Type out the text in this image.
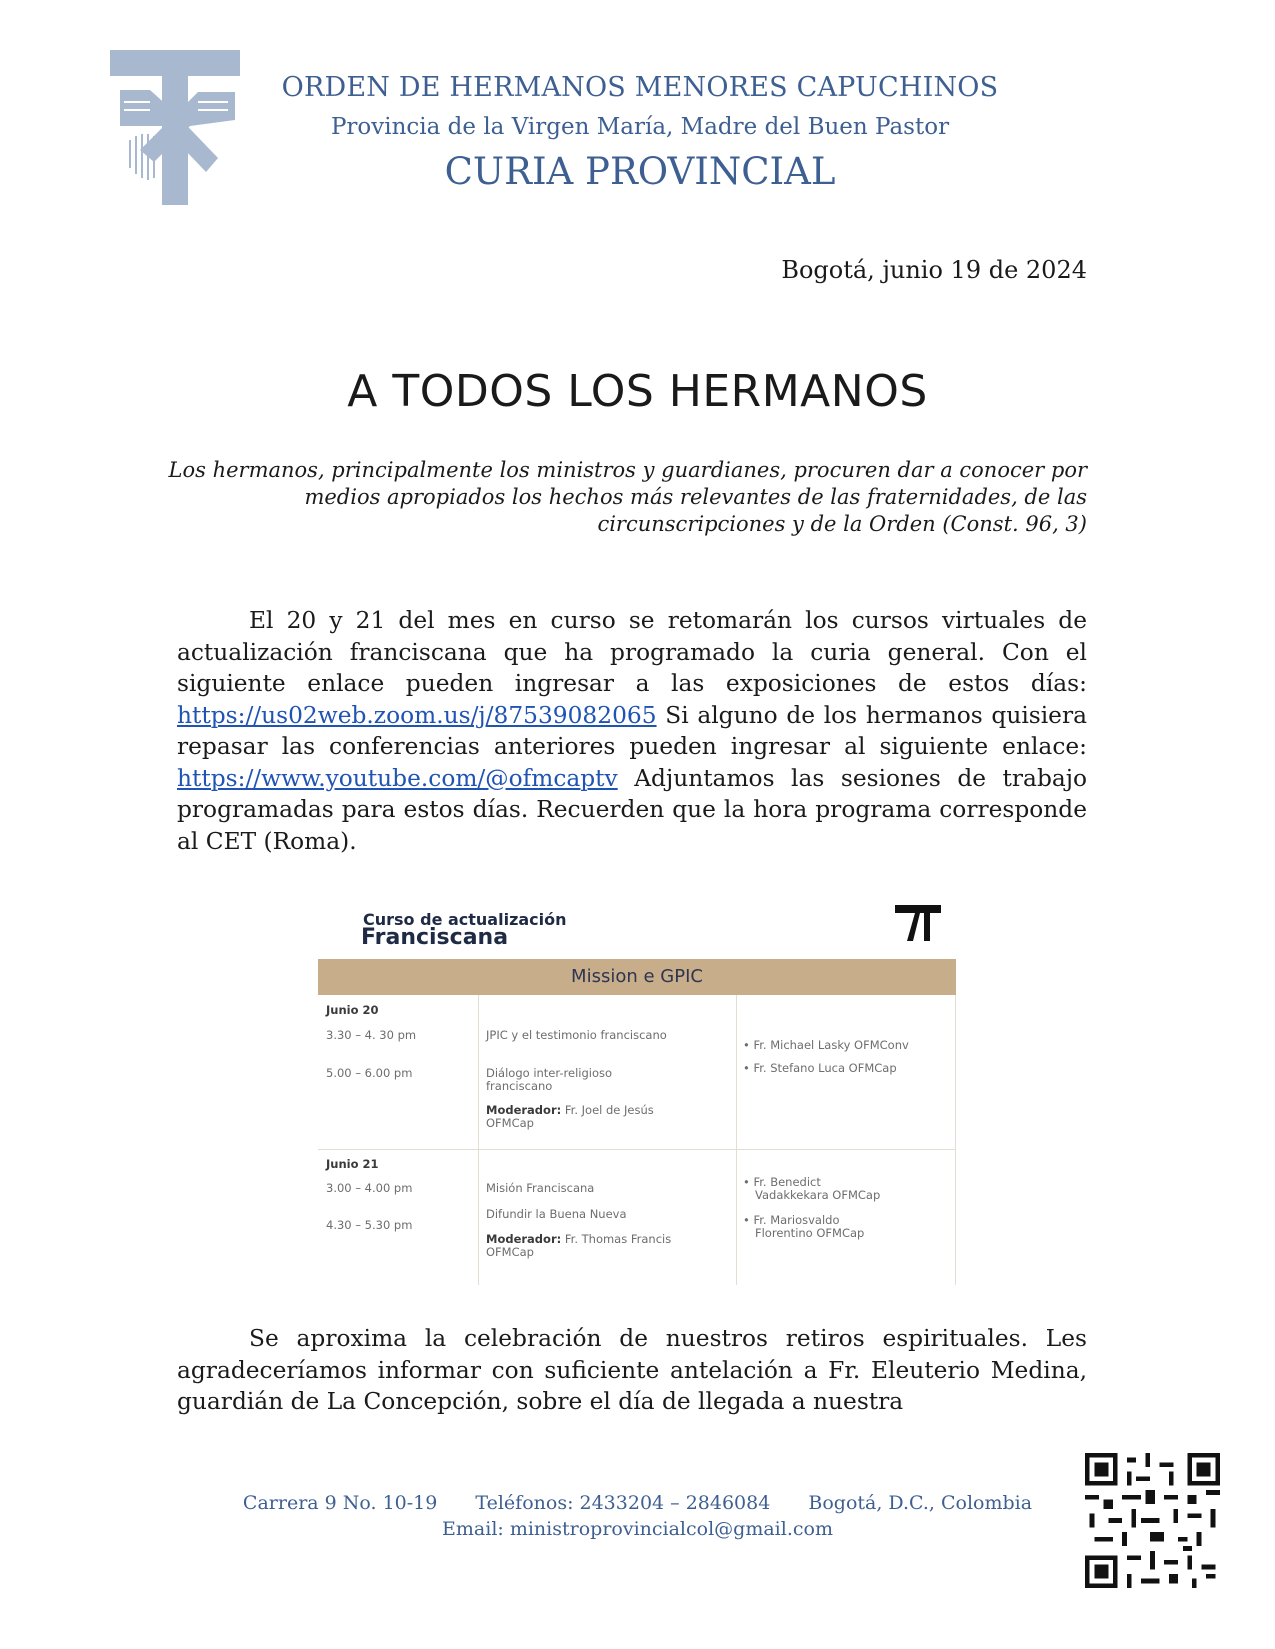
ORDEN DE HERMANOS MENORES CAPUCHINOS
Provincia de la Virgen María, Madre del Buen Pastor
CURIA PROVINCIAL
Bogotá, junio 19 de 2024
A TODOS LOS HERMANOS
Los hermanos, principalmente los ministros y guardianes, procuren dar a conocer por medios apropiados los hechos más relevantes de las fraternidades, de las circunscripciones y de la Orden (Const. 96, 3)
El 20 y 21 del mes en curso se retomarán los cursos virtuales de actualización franciscana que ha programado la curia general. Con el siguiente enlace pueden ingresar a las exposiciones de estos días: https://us02web.zoom.us/j/87539082065 Si alguno de los hermanos quisiera repasar las conferencias anteriores pueden ingresar al siguiente enlace: https://www.youtube.com/@ofmcaptv Adjuntamos las sesiones de trabajo programadas para estos días. Recuerden que la hora programa corresponde al CET (Roma).
Curso de actualización
Franciscana
Mission e GPIC
Junio 20
3.30 – 4. 30 pm
5.00 – 6.00 pm
JPIC y el testimonio franciscano
Diálogo inter-religioso
franciscano
Moderador: Fr. Joel de Jesús
OFMCap
• Fr. Michael Lasky OFMConv
• Fr. Stefano Luca OFMCap
Junio 21
3.00 – 4.00 pm
4.30 – 5.30 pm
Misión Franciscana
Difundir la Buena Nueva
Moderador: Fr. Thomas Francis
OFMCap
• Fr. Benedict
Vadakkekara OFMCap
• Fr. Mariosvaldo
Florentino OFMCap
Se aproxima la celebración de nuestros retiros espirituales. Les agradeceríamos informar con suficiente antelación a Fr. Eleuterio Medina, guardián de La Concepción, sobre el día de llegada a nuestra
Carrera 9 No. 10-19 Teléfonos: 2433204 – 2846084 Bogotá, D.C., Colombia
Email: ministroprovincialcol@gmail.com
